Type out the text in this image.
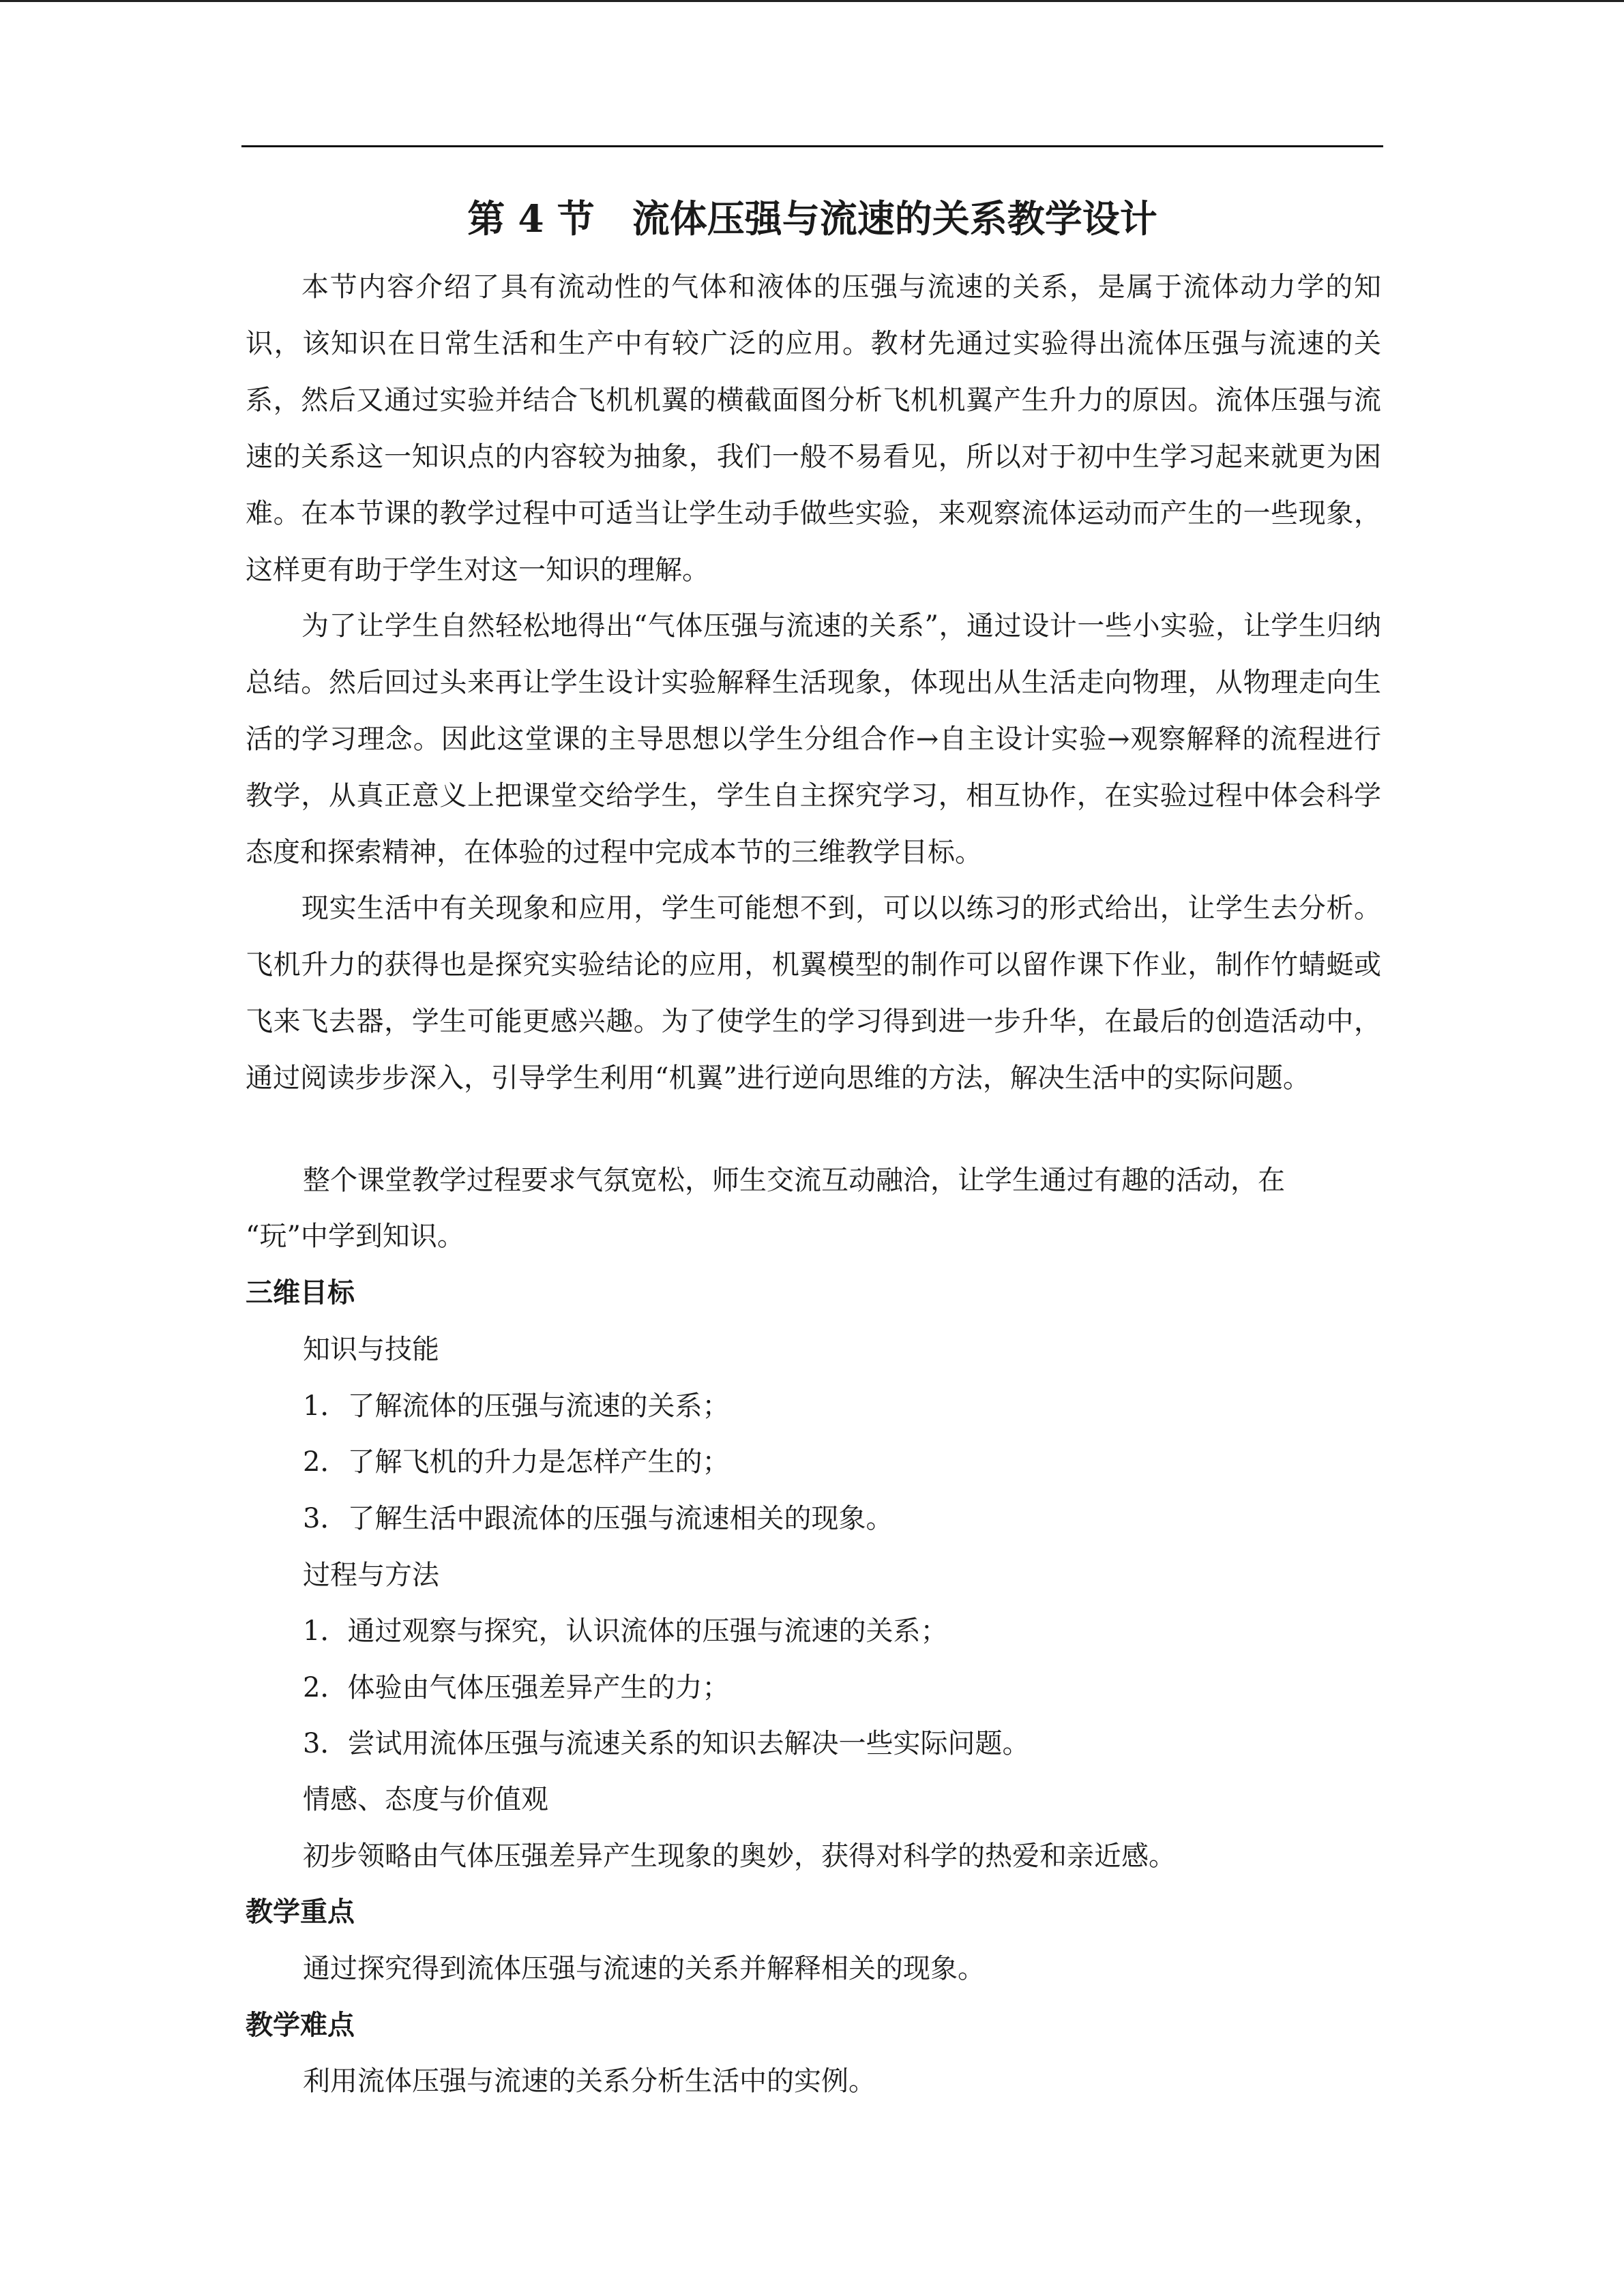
第 4 节　流体压强与流速的关系教学设计
本节内容介绍了具有流动性的气体和液体的压强与流速的关系，是属于流体动力学的知识，该知识在日常生活和生产中有较广泛的应用。教材先通过实验得出流体压强与流速的关系，然后又通过实验并结合飞机机翼的横截面图分析飞机机翼产生升力的原因。流体压强与流速的关系这一知识点的内容较为抽象，我们一般不易看见，所以对于初中生学习起来就更为困难。在本节课的教学过程中可适当让学生动手做些实验，来观察流体运动而产生的一些现象，这样更有助于学生对这一知识的理解。
为了让学生自然轻松地得出“气体压强与流速的关系”，通过设计一些小实验，让学生归纳总结。然后回过头来再让学生设计实验解释生活现象，体现出从生活走向物理，从物理走向生活的学习理念。因此这堂课的主导思想以学生分组合作→自主设计实验→观察解释的流程进行教学，从真正意义上把课堂交给学生，学生自主探究学习，相互协作，在实验过程中体会科学态度和探索精神，在体验的过程中完成本节的三维教学目标。
现实生活中有关现象和应用，学生可能想不到，可以以练习的形式给出，让学生去分析。飞机升力的获得也是探究实验结论的应用，机翼模型的制作可以留作课下作业，制作竹蜻蜓或飞来飞去器，学生可能更感兴趣。为了使学生的学习得到进一步升华，在最后的创造活动中，通过阅读步步深入，引导学生利用“机翼”进行逆向思维的方法，解决生活中的实际问题。
整个课堂教学过程要求气氛宽松，师生交流互动融洽，让学生通过有趣的活动，在
“玩”中学到知识。
三维目标
知识与技能
1．了解流体的压强与流速的关系；
2．了解飞机的升力是怎样产生的；
3．了解生活中跟流体的压强与流速相关的现象。
过程与方法
1．通过观察与探究，认识流体的压强与流速的关系；
2．体验由气体压强差异产生的力；
3．尝试用流体压强与流速关系的知识去解决一些实际问题。
情感、态度与价值观
初步领略由气体压强差异产生现象的奥妙，获得对科学的热爱和亲近感。
教学重点
通过探究得到流体压强与流速的关系并解释相关的现象。
教学难点
利用流体压强与流速的关系分析生活中的实例。
